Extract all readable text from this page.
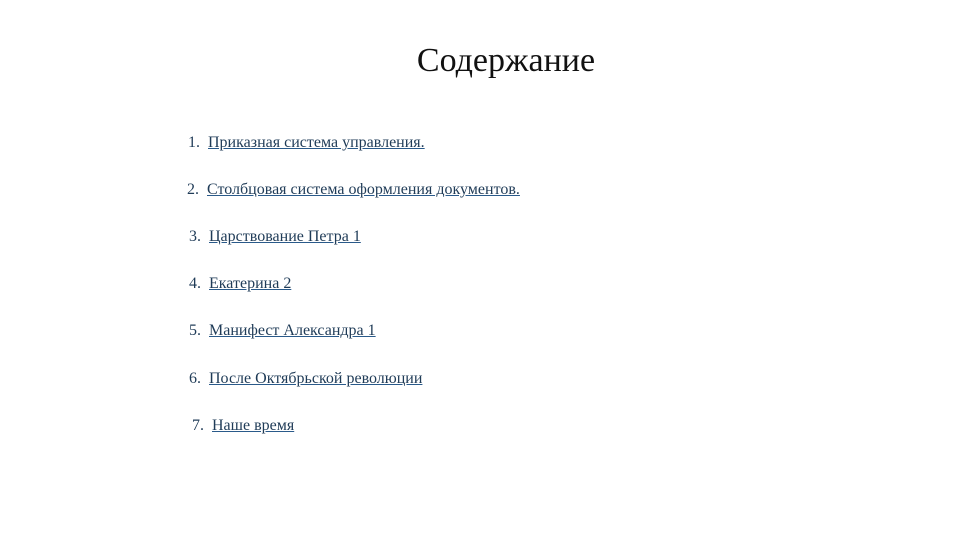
Содержание
1. Приказная система управления.
2. Столбцовая система оформления документов.
3. Царствование Петра 1
4. Екатерина 2
5. Манифест Александра 1
6. После Октябрьской революции
7. Наше время
